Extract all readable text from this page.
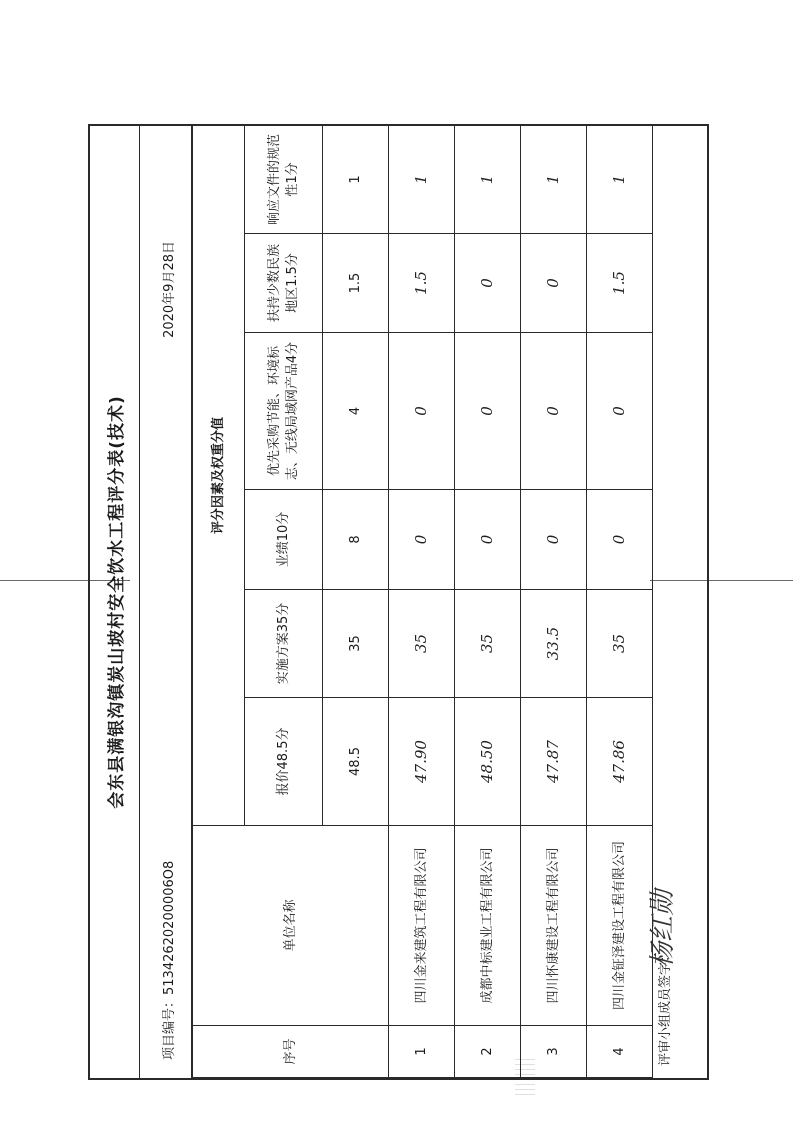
会东县满银沟镇炭山坡村安全饮水工程评分表(技术)
项目编号：51342620200006O8
2020年9月28日
序号	单位名称	评分因素及权重分值					
		报价48.5分	实施方案35分	业绩10分	优先采购节能、环境标志、无线局域网产品4分	扶持少数民族地区1.5分	响应文件的规范性1分
		48.5	35	8	4	1.5	1
1	四川金来建筑工程有限公司	47.90	35	0	0	1.5	1
2	成都中标建业工程有限公司	48.50	35	0	0	0	1
3	四川怀康建设工程有限公司	47.87	33.5	0	0	0	1
4	四川金钲泽建设工程有限公司	47.86	35	0	0	1.5	1
评审小组成员签字：
杨红勋
